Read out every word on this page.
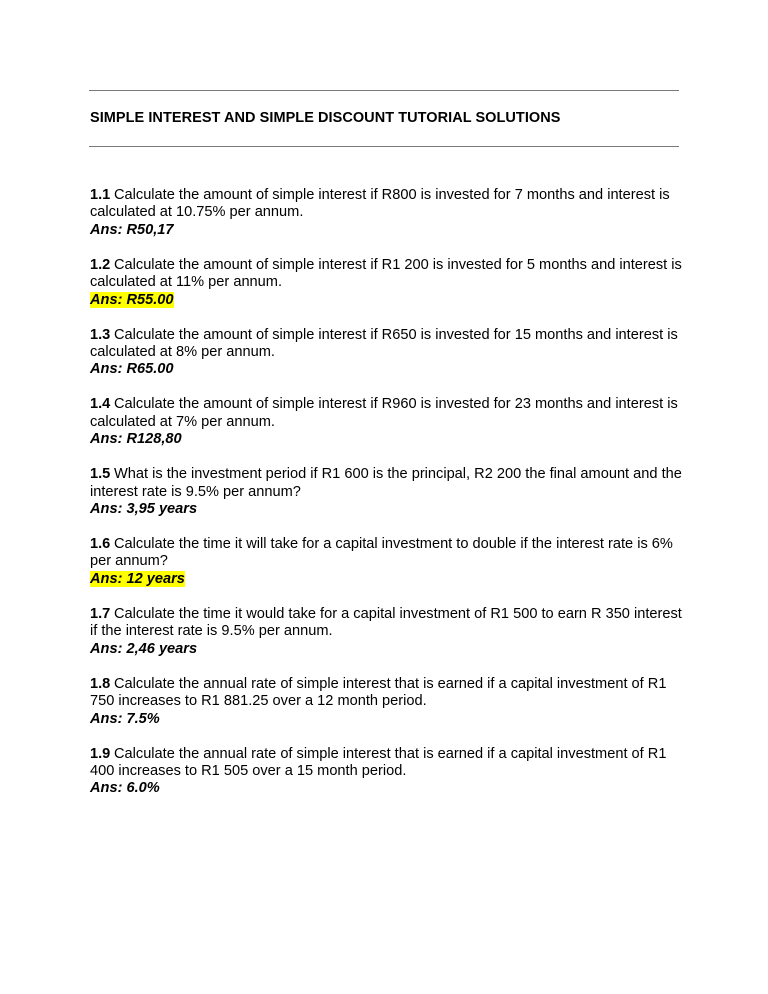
SIMPLE INTEREST AND SIMPLE DISCOUNT TUTORIAL SOLUTIONS
1.1 Calculate the amount of simple interest if R800 is invested for 7 months and interest is calculated at 10.75% per annum.
Ans: R50,17
1.2 Calculate the amount of simple interest if R1 200 is invested for 5 months and interest is calculated at 11% per annum.
Ans: R55.00
1.3 Calculate the amount of simple interest if R650 is invested for 15 months and interest is calculated at 8% per annum.
Ans: R65.00
1.4 Calculate the amount of simple interest if R960 is invested for 23 months and interest is calculated at 7% per annum.
Ans: R128,80
1.5 What is the investment period if R1 600 is the principal, R2 200 the final amount and the interest rate is 9.5% per annum?
Ans: 3,95 years
1.6 Calculate the time it will take for a capital investment to double if the interest rate is 6% per annum?
Ans: 12 years
1.7 Calculate the time it would take for a capital investment of R1 500 to earn R 350 interest if the interest rate is 9.5% per annum.
Ans: 2,46 years
1.8 Calculate the annual rate of simple interest that is earned if a capital investment of R1 750 increases to R1 881.25 over a 12 month period.
Ans: 7.5%
1.9 Calculate the annual rate of simple interest that is earned if a capital investment of R1 400 increases to R1 505 over a 15 month period.
Ans: 6.0%
